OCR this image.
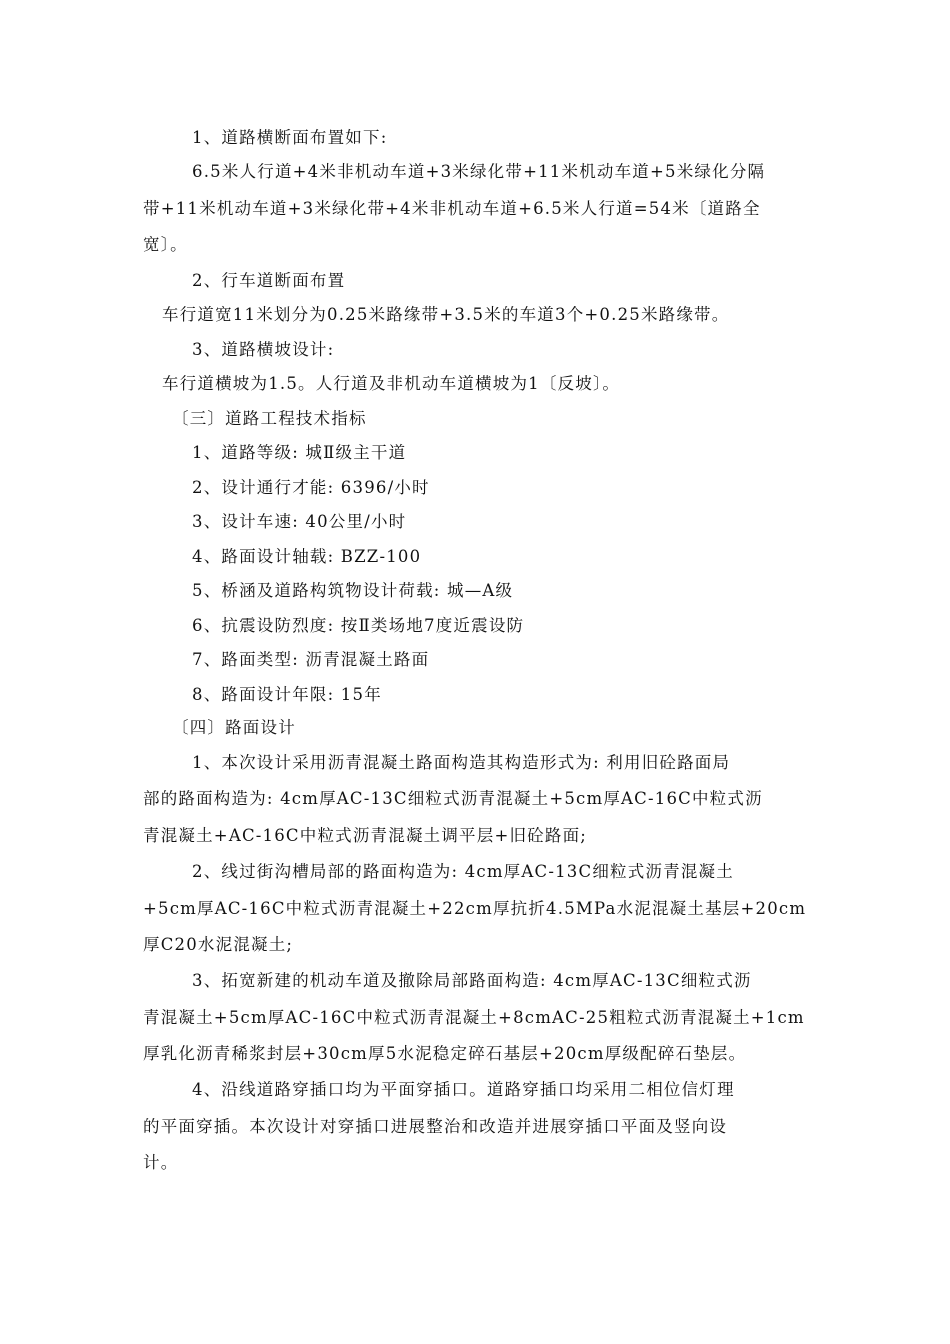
1、道路横断面布置如下:
6.5米人行道+4米非机动车道+3米绿化带+11米机动车道+5米绿化分隔
带+11米机动车道+3米绿化带+4米非机动车道+6.5米人行道=54米〔道路全
宽〕。
2、行车道断面布置
车行道宽11米划分为0.25米路缘带+3.5米的车道3个+0.25米路缘带。
3、道路横坡设计:
车行道横坡为1.5。人行道及非机动车道横坡为1〔反坡〕。
〔三〕道路工程技术指标
1、道路等级: 城Ⅱ级主干道
2、设计通行才能: 6396/小时
3、设计车速: 40公里/小时
4、路面设计轴载: BZZ-100
5、桥涵及道路构筑物设计荷载: 城—A级
6、抗震设防烈度: 按Ⅱ类场地7度近震设防
7、路面类型: 沥青混凝土路面
8、路面设计年限: 15年
〔四〕路面设计
1、本次设计采用沥青混凝土路面构造其构造形式为: 利用旧砼路面局
部的路面构造为: 4cm厚AC-13C细粒式沥青混凝土+5cm厚AC-16C中粒式沥
青混凝土+AC-16C中粒式沥青混凝土调平层+旧砼路面;
2、线过街沟槽局部的路面构造为: 4cm厚AC-13C细粒式沥青混凝土
+5cm厚AC-16C中粒式沥青混凝土+22cm厚抗折4.5MPa水泥混凝土基层+20cm
厚C20水泥混凝土;
3、拓宽新建的机动车道及撤除局部路面构造: 4cm厚AC-13C细粒式沥
青混凝土+5cm厚AC-16C中粒式沥青混凝土+8cmAC-25粗粒式沥青混凝土+1cm
厚乳化沥青稀浆封层+30cm厚5水泥稳定碎石基层+20cm厚级配碎石垫层。
4、沿线道路穿插口均为平面穿插口。道路穿插口均采用二相位信灯理
的平面穿插。本次设计对穿插口进展整治和改造并进展穿插口平面及竖向设
计。
